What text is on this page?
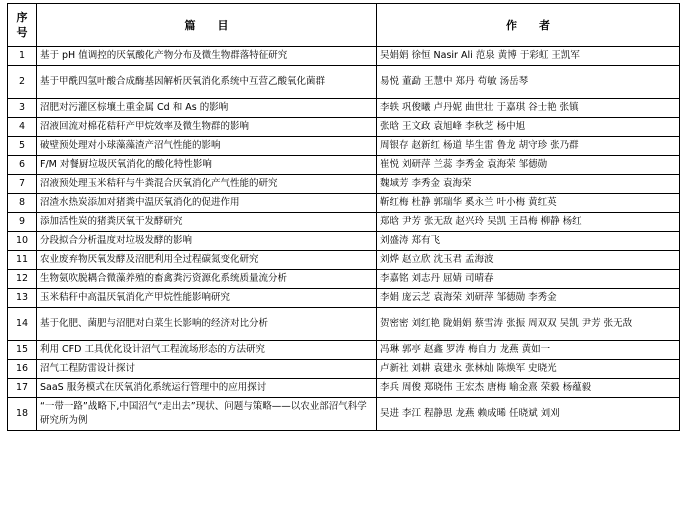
序
号	篇　　目	作　　者
1	基于 pH 值调控的厌氧酸化产物分布及微生物群落特征研究	吴娟娟 徐恒 Nasir Ali 范泉 黄博 于彩虹 王凯军
2	基于甲酰四氢叶酸合成酶基因解析厌氧消化系统中互营乙酸氧化菌群	易悦 董勐 王慧中 郑丹 苟敏 汤岳琴
3	沼肥对污灌区棕壤土重金属 Cd 和 As 的影响	李轶 巩俊曦 卢丹妮 曲世壮 于嘉琪 谷士艳 张镇
4	沼液回流对棉花秸秆产甲烷效率及微生物群的影响	张晗 王文政 袁旭峰 李秋芝 杨中旭
5	破壁预处理对小球藻藻渣产沼气性能的影响	周银存 赵新红 杨道 毕生雷 鲁龙 胡守珍 张乃群
6	F/M 对餐厨垃圾厌氧消化的酸化特性影响	崔悦 刘研萍 兰蕊 李秀金 袁海荣 邹德勋
7	沼液预处理玉米秸秆与牛粪混合厌氧消化产气性能的研究	魏域芳 李秀金 袁海荣
8	沼渣水热炭添加对猪粪中温厌氧消化的促进作用	靳红梅 杜静 郭瑞华 奚永兰 叶小梅 黄红英
9	添加活性炭的猪粪厌氧干发酵研究	郑晗 尹芳 张无敌 赵兴玲 吴凯 王昌梅 柳静 杨红
10	分段拟合分析温度对垃圾发酵的影响	刘盛涛 郑有飞
11	农业废弃物厌氧发酵及沼肥利用全过程碳氮变化研究	刘烨 赵立欣 沈玉君 孟海波
12	生物氨吹脱耦合微藻养殖的畜禽粪污资源化系统质量流分析	李嘉铭 刘志丹 屈婧 司晴春
13	玉米秸秆中高温厌氧消化产甲烷性能影响研究	李娟 庞云芝 袁海荣 刘研萍 邹德勋 李秀金
14	基于化肥、菌肥与沼肥对白菜生长影响的经济对比分析	贺密密 刘红艳 陇娟娟 蔡雪涛 张振 周双双 吴凯 尹芳 张无敌
15	利用 CFD 工具优化设计沼气工程流场形态的方法研究	冯琳 郭亭 赵鑫 罗涛 梅自力 龙燕 黄如一
16	沼气工程防雷设计探讨	卢新社 刘耕 袁建永 张林灿 陈焕军 史晓光
17	SaaS 服务模式在厌氧消化系统运行管理中的应用探讨	李兵 周俊 郑晓伟 王宏杰 唐梅 喻金熹 荣毅 杨蕴毅
18	“一带一路”战略下,中国沼气“走出去”现状、问题与策略——以农业部沼气科学研究所为例	吴进 李江 程静思 龙燕 赖成晞 任晓斌 刘刈
